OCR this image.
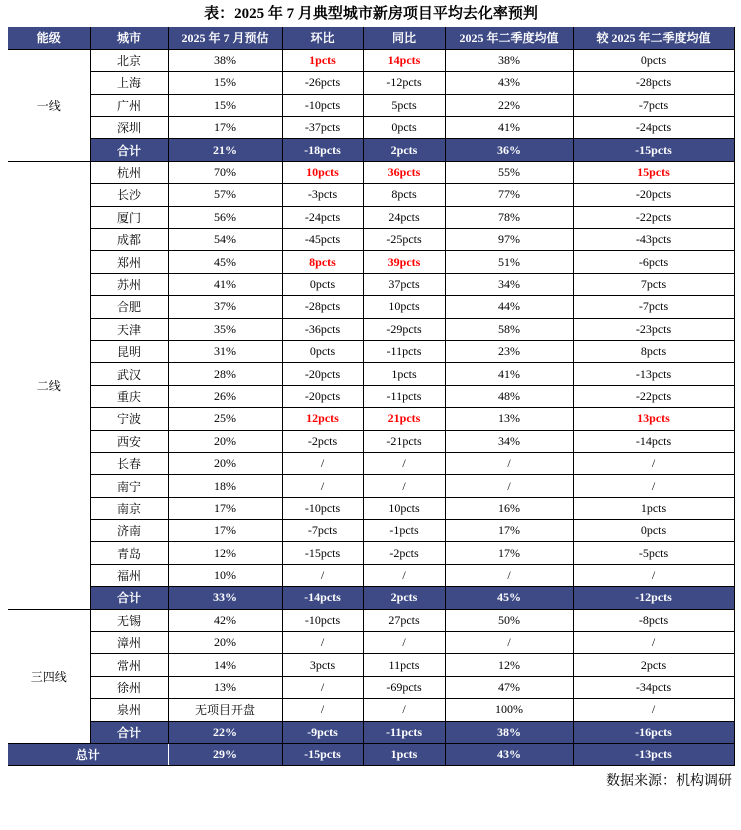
表：2025 年 7 月典型城市新房项目平均去化率预判
能级	城市	2025 年 7 月预估	环比	同比	2025 年二季度均值	较 2025 年二季度均值
一线	北京	38%	1pcts	14pcts	38%	0pcts
	上海	15%	-26pcts	-12pcts	43%	-28pcts
	广州	15%	-10pcts	5pcts	22%	-7pcts
	深圳	17%	-37pcts	0pcts	41%	-24pcts
	合计	21%	-18pcts	2pcts	36%	-15pcts
二线	杭州	70%	10pcts	36pcts	55%	15pcts
	长沙	57%	-3pcts	8pcts	77%	-20pcts
	厦门	56%	-24pcts	24pcts	78%	-22pcts
	成都	54%	-45pcts	-25pcts	97%	-43pcts
	郑州	45%	8pcts	39pcts	51%	-6pcts
	苏州	41%	0pcts	37pcts	34%	7pcts
	合肥	37%	-28pcts	10pcts	44%	-7pcts
	天津	35%	-36pcts	-29pcts	58%	-23pcts
	昆明	31%	0pcts	-11pcts	23%	8pcts
	武汉	28%	-20pcts	1pcts	41%	-13pcts
	重庆	26%	-20pcts	-11pcts	48%	-22pcts
	宁波	25%	12pcts	21pcts	13%	13pcts
	西安	20%	-2pcts	-21pcts	34%	-14pcts
	长春	20%	/	/	/	/
	南宁	18%	/	/	/	/
	南京	17%	-10pcts	10pcts	16%	1pcts
	济南	17%	-7pcts	-1pcts	17%	0pcts
	青岛	12%	-15pcts	-2pcts	17%	-5pcts
	福州	10%	/	/	/	/
	合计	33%	-14pcts	2pcts	45%	-12pcts
三四线	无锡	42%	-10pcts	27pcts	50%	-8pcts
	漳州	20%	/	/	/	/
	常州	14%	3pcts	11pcts	12%	2pcts
	徐州	13%	/	-69pcts	47%	-34pcts
	泉州	无项目开盘	/	/	100%	/
	合计	22%	-9pcts	-11pcts	38%	-16pcts
总计		29%	-15pcts	1pcts	43%	-13pcts
数据来源：机构调研
